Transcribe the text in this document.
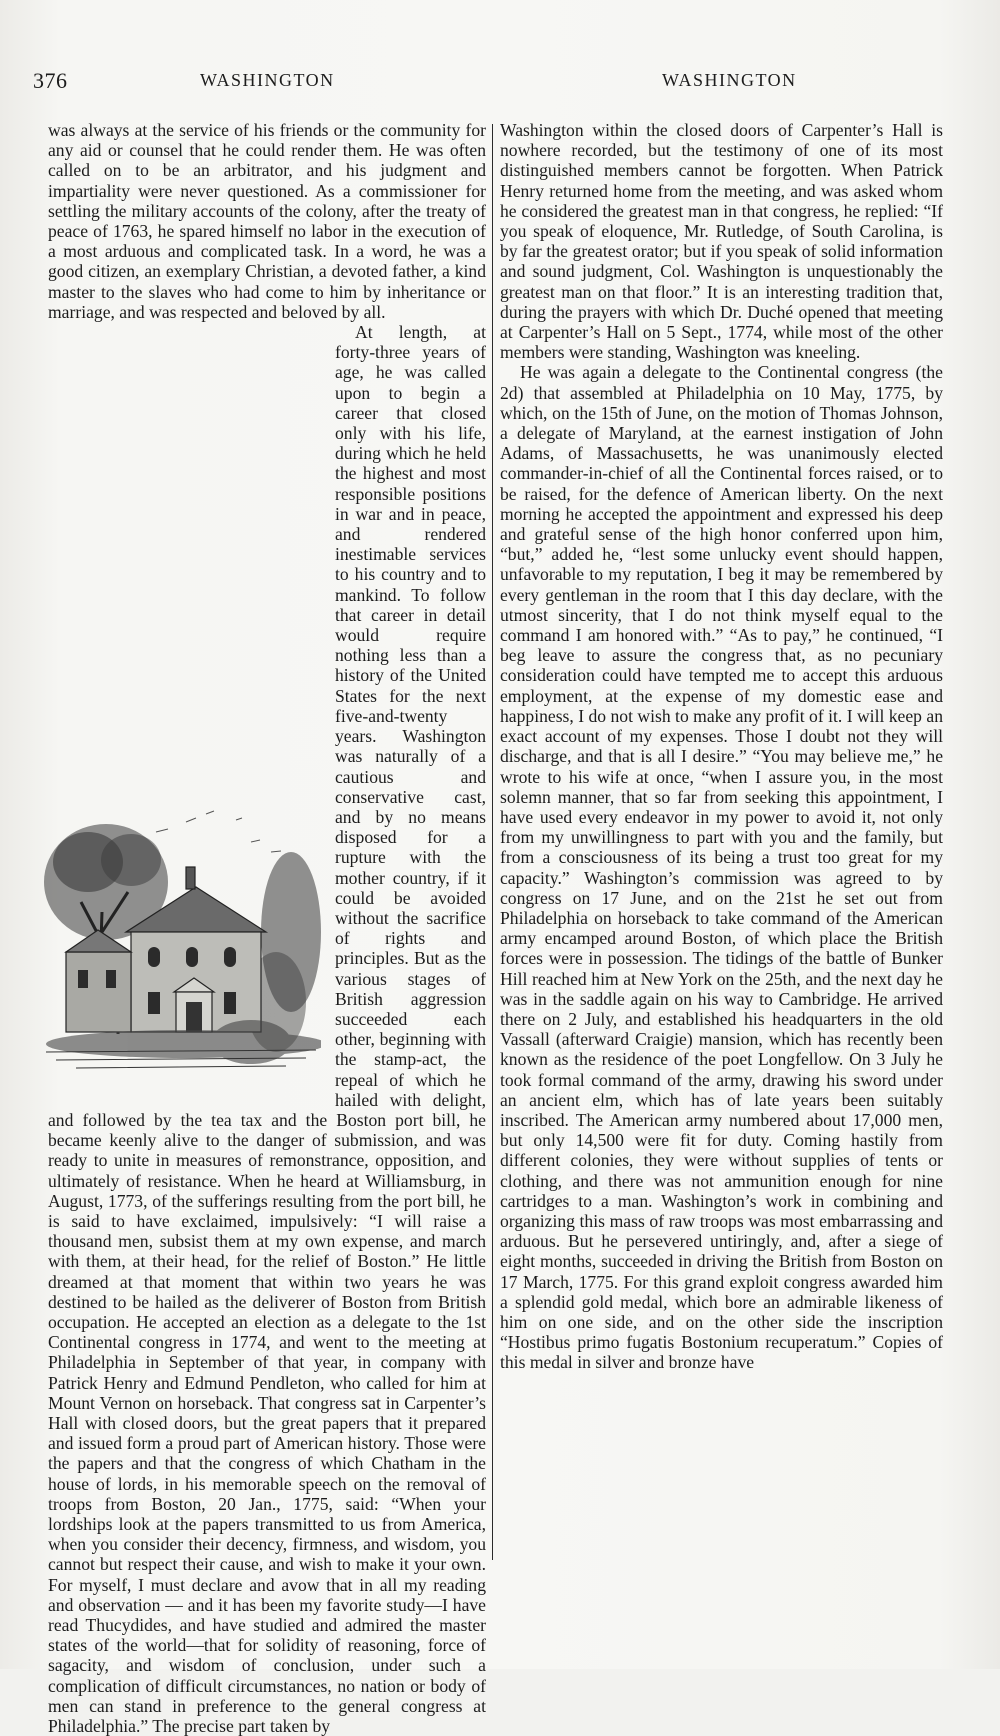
376	WASHINGTON	WASHINGTON

was always at the service of his friends or the community for any aid or counsel that he could render them. He was often called on to be an arbitrator, and his judgment and impartiality were never questioned. As a commissioner for settling the military accounts of the colony, after the treaty of peace of 1763, he spared himself no labor in the execution of a most arduous and complicated task. In a word, he was a good citizen, an exemplary Christian, a devoted father, a kind master to the slaves who had come to him by inheritance or marriage, and was respected and beloved by all.

At length, at forty-three years of age, he was called upon to begin a career that closed only with his life, during which he held the highest and most responsible positions in war and in peace, and rendered inestimable services to his country and to mankind. To follow that career in detail would require nothing less than a history of the United States for the next five-and-twenty years. Washington was naturally of a cautious and conservative cast, and by no means disposed for a rupture with the mother country, if it could be avoided without the sacrifice of rights and principles. But as the various stages of British aggression succeeded each other, beginning with the stamp-act, the repeal of which he hailed with delight, and followed by the tea tax and the Boston port bill, he became keenly alive to the danger of submission, and was ready to unite in measures of remonstrance, opposition, and ultimately of resistance. When he heard at Williamsburg, in August, 1773, of the sufferings resulting from the port bill, he is said to have exclaimed, impulsively: “I will raise a thousand men, subsist them at my own expense, and march with them, at their head, for the relief of Boston.” He little dreamed at that moment that within two years he was destined to be hailed as the deliverer of Boston from British occupation. He accepted an election as a delegate to the 1st Continental congress in 1774, and went to the meeting at Philadelphia in September of that year, in company with Patrick Henry and Edmund Pendleton, who called for him at Mount Vernon on horseback. That congress sat in Carpenter’s Hall with closed doors, but the great papers that it prepared and issued form a proud part of American history. Those were the papers and that the congress of which Chatham in the house of lords, in his memorable speech on the removal of troops from Boston, 20 Jan., 1775, said: “When your lordships look at the papers transmitted to us from America, when you consider their decency, firmness, and wisdom, you cannot but respect their cause, and wish to make it your own. For myself, I must declare and avow that in all my reading and observation — and it has been my favorite study—I have read Thucydides, and have studied and admired the master states of the world—that for solidity of reasoning, force of sagacity, and wisdom of conclusion, under such a complication of difficult circumstances, no nation or body of men can stand in preference to the general congress at Philadelphia.” The precise part taken by

Washington within the closed doors of Carpenter’s Hall is nowhere recorded, but the testimony of one of its most distinguished members cannot be forgotten. When Patrick Henry returned home from the meeting, and was asked whom he considered the greatest man in that congress, he replied: “If you speak of eloquence, Mr. Rutledge, of South Carolina, is by far the greatest orator; but if you speak of solid information and sound judgment, Col. Washington is unquestionably the greatest man on that floor.” It is an interesting tradition that, during the prayers with which Dr. Duché opened that meeting at Carpenter’s Hall on 5 Sept., 1774, while most of the other members were standing, Washington was kneeling.

He was again a delegate to the Continental congress (the 2d) that assembled at Philadelphia on 10 May, 1775, by which, on the 15th of June, on the motion of Thomas Johnson, a delegate of Maryland, at the earnest instigation of John Adams, of Massachusetts, he was unanimously elected commander-in-chief of all the Continental forces raised, or to be raised, for the defence of American liberty. On the next morning he accepted the appointment and expressed his deep and grateful sense of the high honor conferred upon him, “but,” added he, “lest some unlucky event should happen, unfavorable to my reputation, I beg it may be remembered by every gentleman in the room that I this day declare, with the utmost sincerity, that I do not think myself equal to the command I am honored with.” “As to pay,” he continued, “I beg leave to assure the congress that, as no pecuniary consideration could have tempted me to accept this arduous employment, at the expense of my domestic ease and happiness, I do not wish to make any profit of it. I will keep an exact account of my expenses. Those I doubt not they will discharge, and that is all I desire.” “You may believe me,” he wrote to his wife at once, “when I assure you, in the most solemn manner, that so far from seeking this appointment, I have used every endeavor in my power to avoid it, not only from my unwillingness to part with you and the family, but from a consciousness of its being a trust too great for my capacity.” Washington’s commission was agreed to by congress on 17 June, and on the 21st he set out from Philadelphia on horseback to take command of the American army encamped around Boston, of which place the British forces were in possession. The tidings of the battle of Bunker Hill reached him at New York on the 25th, and the next day he was in the saddle again on his way to Cambridge. He arrived there on 2 July, and established his headquarters in the old Vassall (afterward Craigie) mansion, which has recently been known as the residence of the poet Longfellow. On 3 July he took formal command of the army, drawing his sword under an ancient elm, which has of late years been suitably inscribed. The American army numbered about 17,000 men, but only 14,500 were fit for duty. Coming hastily from different colonies, they were without supplies of tents or clothing, and there was not ammunition enough for nine cartridges to a man. Washington’s work in combining and organizing this mass of raw troops was most embarrassing and arduous. But he persevered untiringly, and, after a siege of eight months, succeeded in driving the British from Boston on 17 March, 1775. For this grand exploit congress awarded him a splendid gold medal, which bore an admirable likeness of him on one side, and on the other side the inscription “Hostibus primo fugatis Bostonium recuperatum.” Copies of this medal in silver and bronze have
